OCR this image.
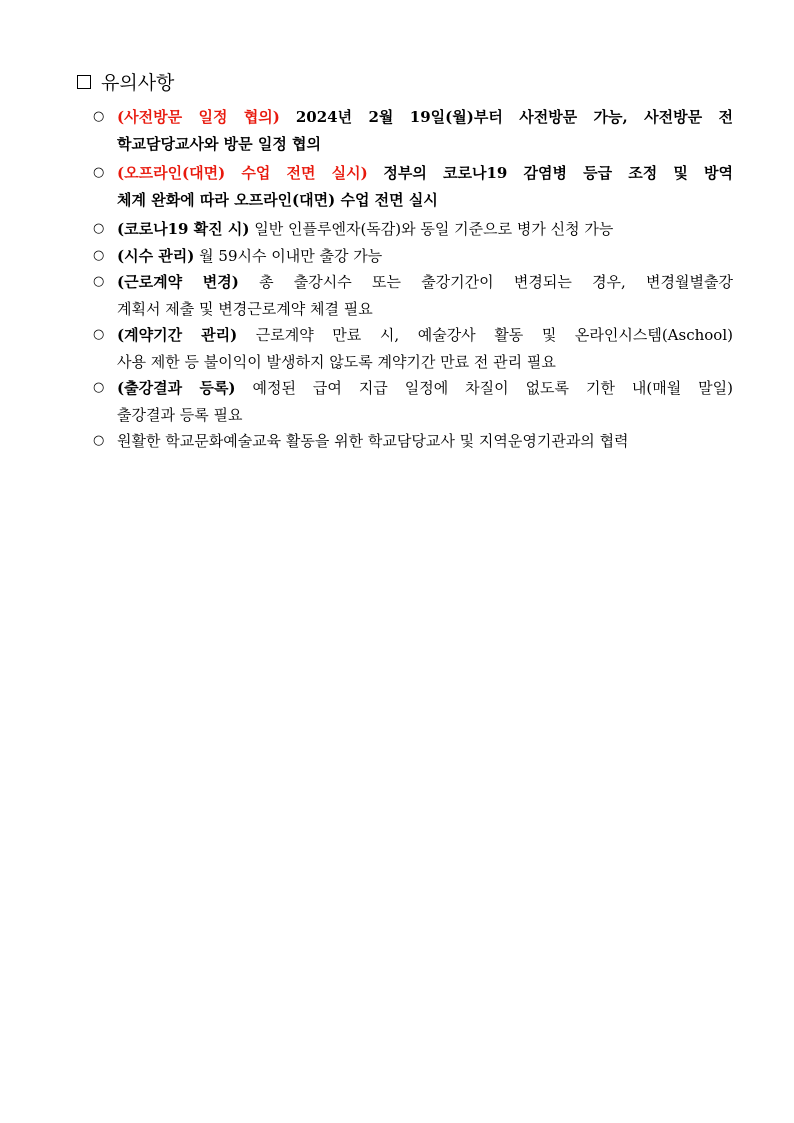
유의사항
○ (사전방문 일정 협의) 2024년 2월 19일(월)부터 사전방문 가능, 사전방문 전
학교담당교사와 방문 일정 협의
○ (오프라인(대면) 수업 전면 실시) 정부의 코로나19 감염병 등급 조정 및 방역
체계 완화에 따라 오프라인(대면) 수업 전면 실시
○ (코로나19 확진 시) 일반 인플루엔자(독감)와 동일 기준으로 병가 신청 가능
○ (시수 관리) 월 59시수 이내만 출강 가능
○ (근로계약 변경) 총 출강시수 또는 출강기간이 변경되는 경우, 변경월별출강
계획서 제출 및 변경근로계약 체결 필요
○ (계약기간 관리) 근로계약 만료 시, 예술강사 활동 및 온라인시스템(Aschool)
사용 제한 등 불이익이 발생하지 않도록 계약기간 만료 전 관리 필요
○ (출강결과 등록) 예정된 급여 지급 일정에 차질이 없도록 기한 내(매월 말일)
출강결과 등록 필요
○ 원활한 학교문화예술교육 활동을 위한 학교담당교사 및 지역운영기관과의 협력
